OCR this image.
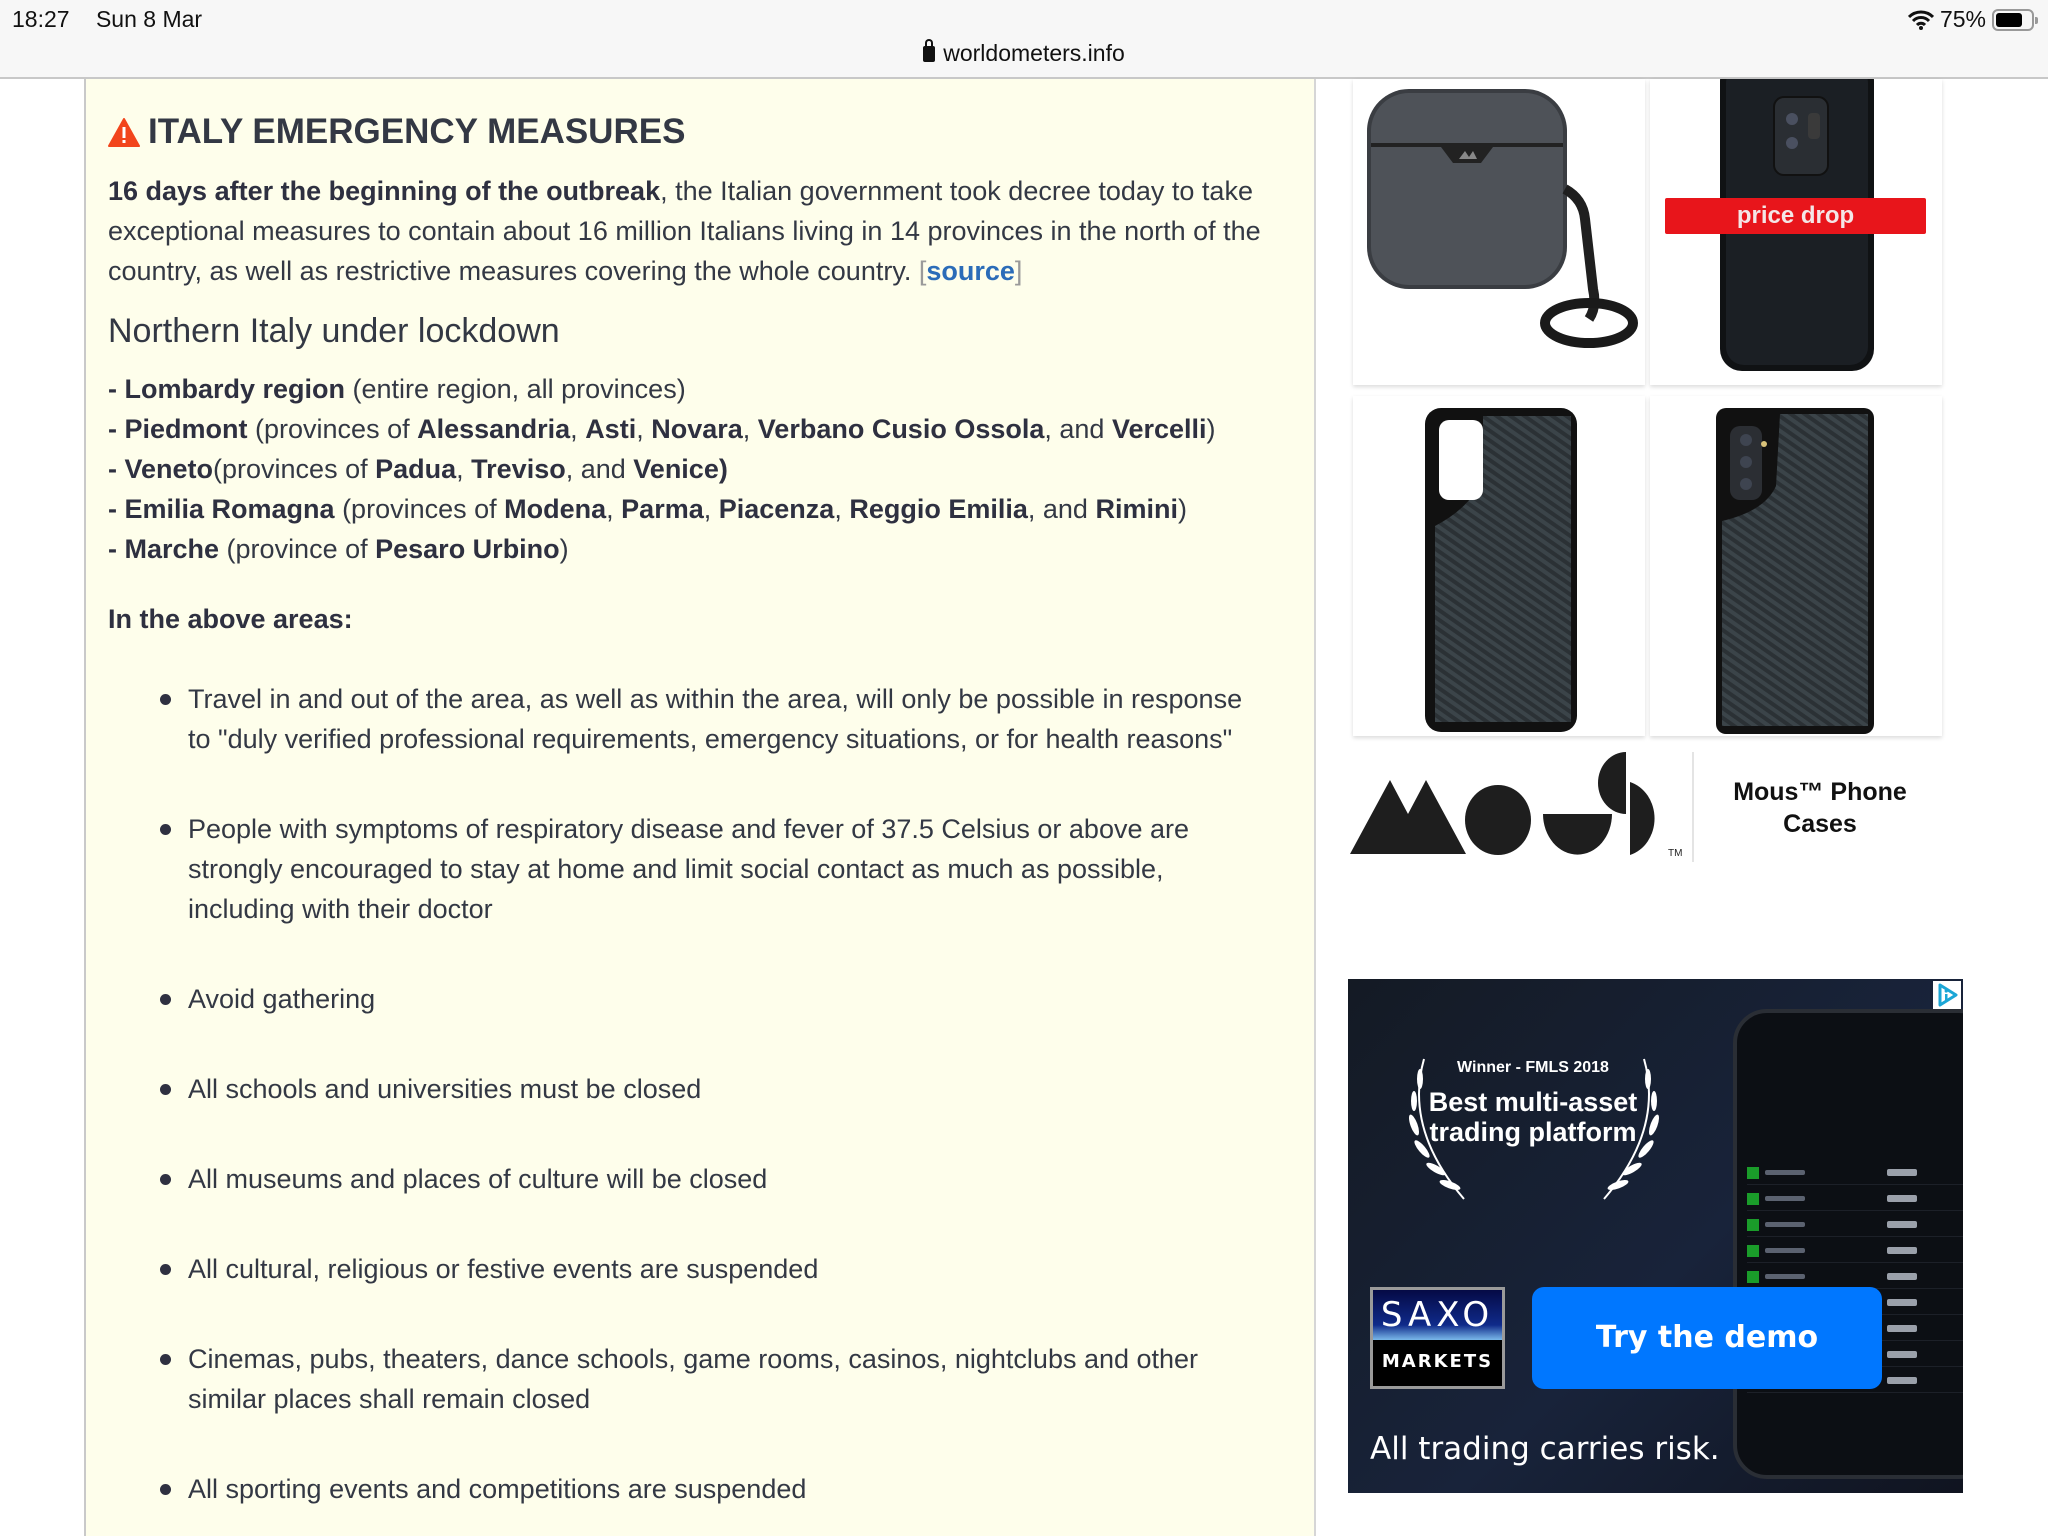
18:27 Sun 8 Mar	75%
worldometers.info
ITALY EMERGENCY MEASURES

16 days after the beginning of the outbreak, the Italian government took decree today to take exceptional measures to contain about 16 million Italians living in 14 provinces in the north of the country, as well as restrictive measures covering the whole country. [source]

Northern Italy under lockdown
- Lombardy region (entire region, all provinces)
- Piedmont (provinces of Alessandria, Asti, Novara, Verbano Cusio Ossola, and Vercelli)
- Veneto(provinces of Padua, Treviso, and Venice)
- Emilia Romagna (provinces of Modena, Parma, Piacenza, Reggio Emilia, and Rimini)
- Marche (province of Pesaro Urbino)
In the above areas:
Travel in and out of the area, as well as within the area, will only be possible in response to "duly verified professional requirements, emergency situations, or for health reasons"
People with symptoms of respiratory disease and fever of 37.5 Celsius or above are strongly encouraged to stay at home and limit social contact as much as possible, including with their doctor
Avoid gathering
All schools and universities must be closed
All museums and places of culture will be closed
All cultural, religious or festive events are suspended
Cinemas, pubs, theaters, dance schools, game rooms, casinos, nightclubs and other similar places shall remain closed
All sporting events and competitions are suspended
price drop
TM
Mous™ Phone Cases
Winner - FMLS 2018
Best multi-asset trading platform
SAXO
MARKETS
Try the demo
All trading carries risk.
